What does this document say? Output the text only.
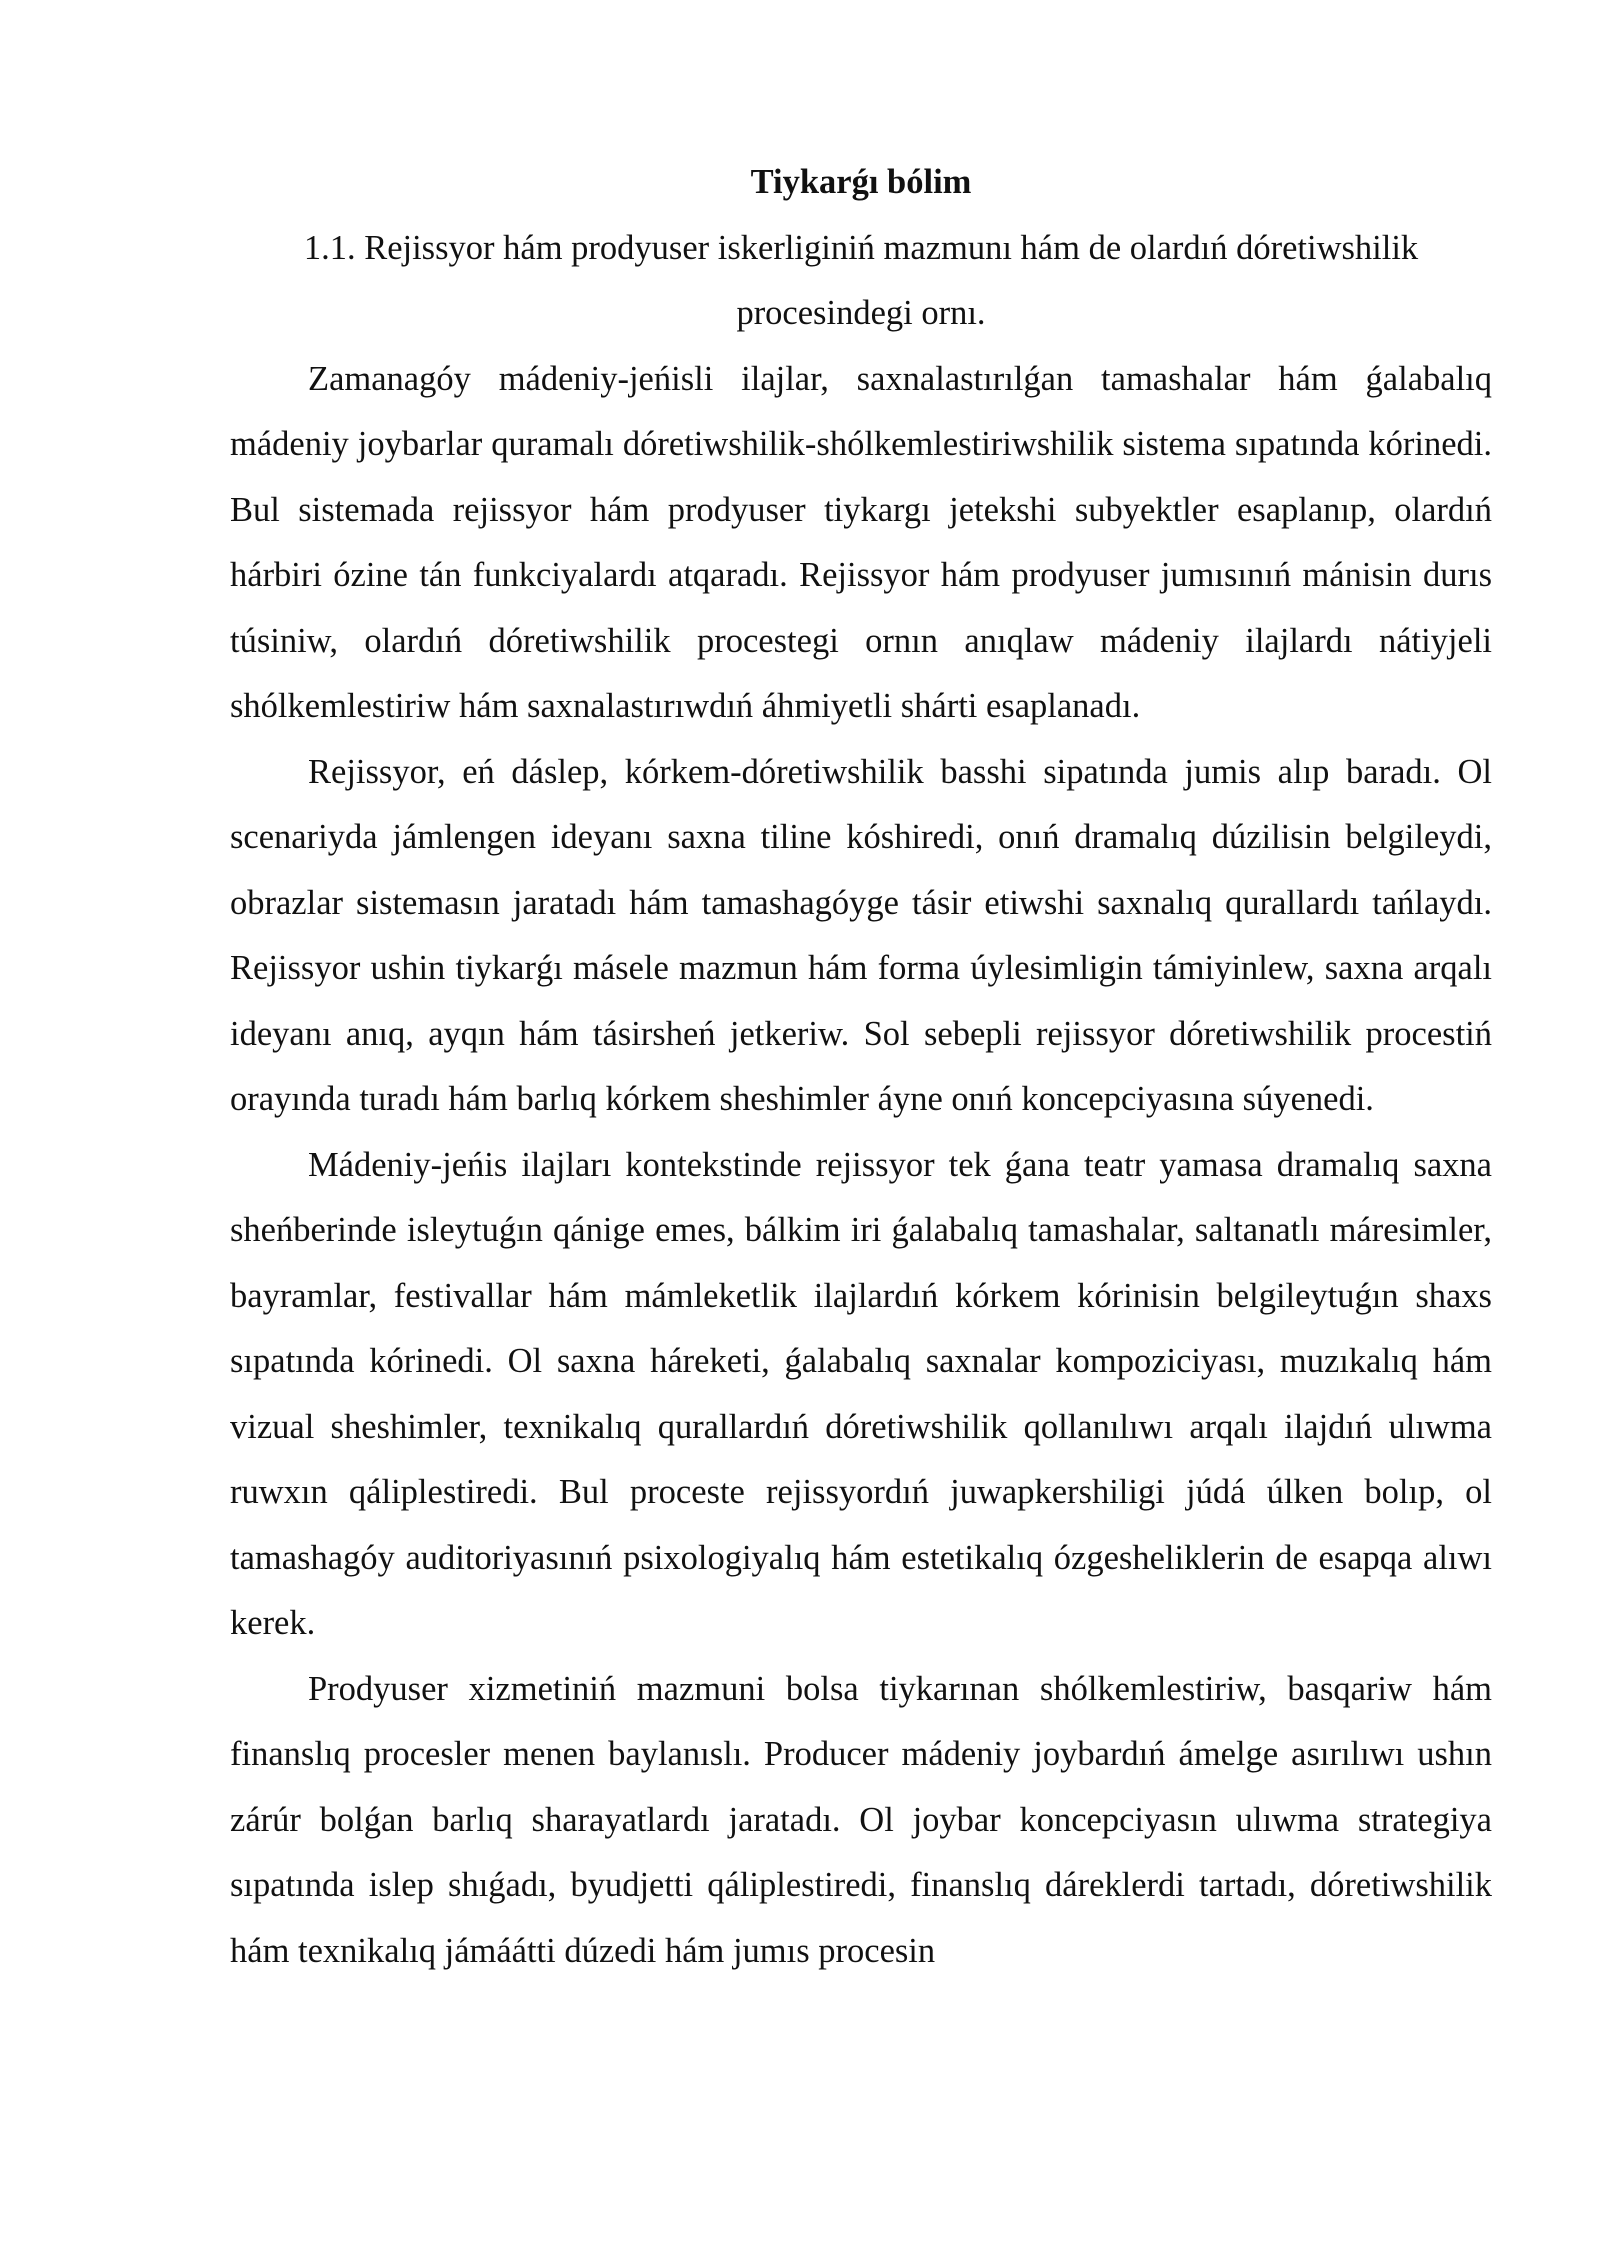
Tiykarǵı bólim

1.1. Rejissyor hám prodyuser iskerliginiń mazmunı hám de olardıń dóretiwshilik procesindegi ornı.

Zamanagóy mádeniy-jeńisli ilajlar, saxnalastırılǵan tamashalar hám ǵalabalıq mádeniy joybarlar quramalı dóretiwshilik-shólkemlestiriwshilik sistema sıpatında kórinedi. Bul sistemada rejissyor hám prodyuser tiykargı jetekshi subyektler esaplanıp, olardıń hárbiri ózine tán funkciyalardı atqaradı. Rejissyor hám prodyuser jumısınıń mánisin durıs túsiniw, olardıń dóretiwshilik procestegi ornın anıqlaw mádeniy ilajlardı nátiyjeli shólkemlestiriw hám saxnalastırıwdıń áhmiyetli shárti esaplanadı.

Rejissyor, eń dáslep, kórkem-dóretiwshilik basshi sipatında jumis alıp baradı. Ol scenariyda jámlengen ideyanı saxna tiline kóshiredi, onıń dramalıq dúzilisin belgileydi, obrazlar sistemasın jaratadı hám tamashagóyge tásir etiwshi saxnalıq qurallardı tańlaydı. Rejissyor ushin tiykarǵı másele mazmun hám forma úylesimligin támiyinlew, saxna arqalı ideyanı anıq, ayqın hám tásirsheń jetkeriw. Sol sebepli rejissyor dóretiwshilik procestiń orayında turadı hám barlıq kórkem sheshimler áyne onıń koncepciyasına súyenedi.

Mádeniy-jeńis ilajları kontekstinde rejissyor tek ǵana teatr yamasa dramalıq saxna sheńberinde isleytuǵın qánige emes, bálkim iri ǵalabalıq tamashalar, saltanatlı máresimler, bayramlar, festivallar hám mámleketlik ilajlardıń kórkem kórinisin belgileytuǵın shaxs sıpatında kórinedi. Ol saxna háreketi, ǵalabalıq saxnalar kompoziciyası, muzıkalıq hám vizual sheshimler, texnikalıq qurallardıń dóretiwshilik qollanılıwı arqalı ilajdıń ulıwma ruwxın qáliplestiredi. Bul proceste rejissyordıń juwapkershiligi júdá úlken bolıp, ol tamashagóy auditoriyasınıń psixologiyalıq hám estetikalıq ózgesheliklerin de esapqa alıwı kerek.

Prodyuser xizmetiniń mazmuni bolsa tiykarınan shólkemlestiriw, basqariw hám finanslıq procesler menen baylanıslı. Producer mádeniy joybardıń ámelge asırılıwı ushın zárúr bolǵan barlıq sharayatlardı jaratadı. Ol joybar koncepciyasın ulıwma strategiya sıpatında islep shıǵadı, byudjetti qáliplestiredi, finanslıq dáreklerdi tartadı, dóretiwshilik hám texnikalıq jámáátti dúzedi hám jumıs procesin
